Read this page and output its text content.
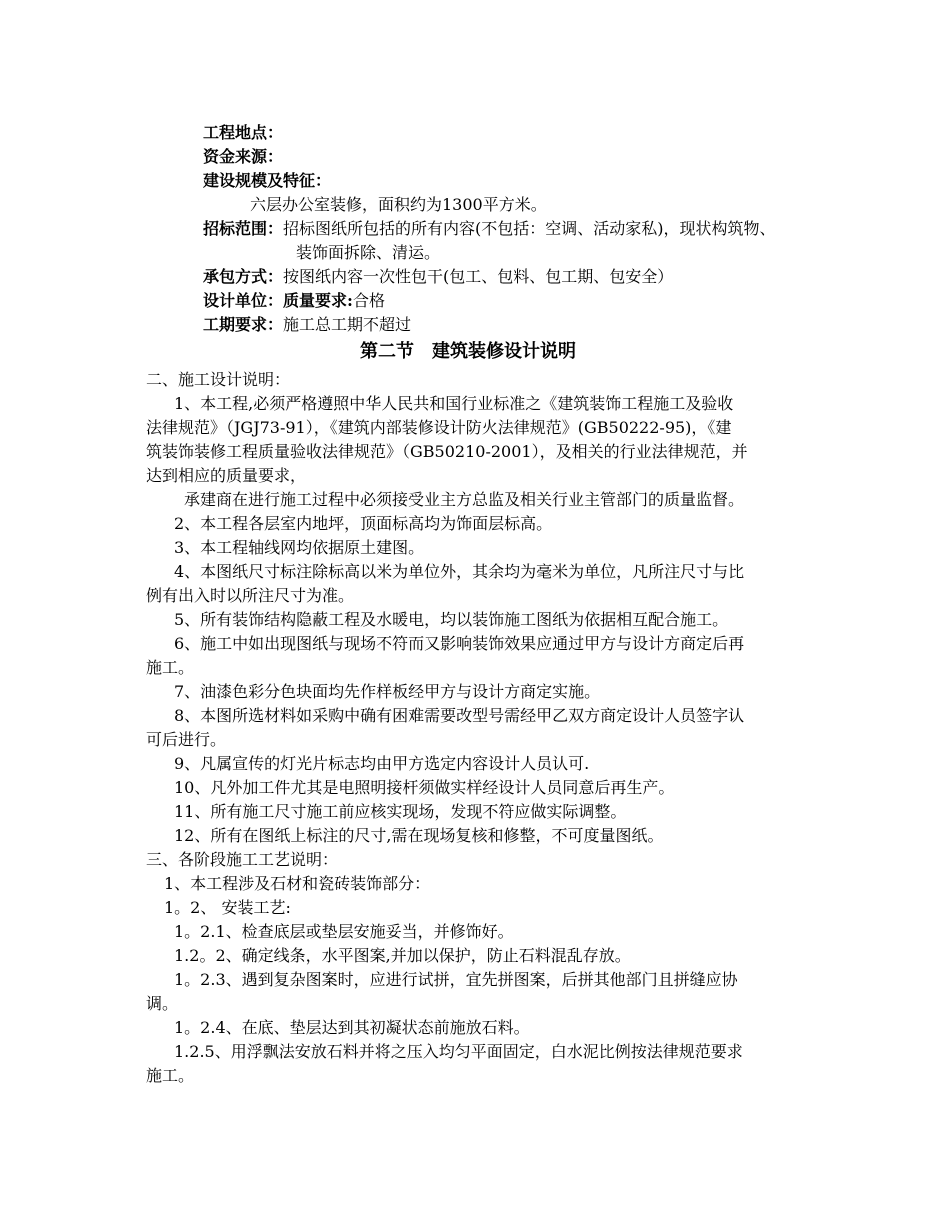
工程地点：
资金来源：
建设规模及特征：
六层办公室装修，面积约为1300平方米。
招标范围：招标图纸所包括的所有内容(不包括：空调、活动家私)，现状构筑物、
装饰面拆除、清运。
承包方式：按图纸内容一次性包干(包工、包料、包工期、包安全）
设计单位：质量要求:合格
工期要求：施工总工期不超过
第二节　建筑装修设计说明
二、施工设计说明：
1、本工程,必须严格遵照中华人民共和国行业标准之《建筑装饰工程施工及验收
法律规范》（JGJ73-91），《建筑内部装修设计防火法律规范》(GB50222-95)，《建
筑装饰装修工程质量验收法律规范》（GB50210-2001），及相关的行业法律规范，并
达到相应的质量要求，
承建商在进行施工过程中必须接受业主方总监及相关行业主管部门的质量监督。
2、本工程各层室内地坪，顶面标高均为饰面层标高。
3、本工程轴线网均依据原土建图。
4、本图纸尺寸标注除标高以米为单位外，其余均为毫米为单位，凡所注尺寸与比
例有出入时以所注尺寸为准。
5、所有装饰结构隐蔽工程及水暖电，均以装饰施工图纸为依据相互配合施工。
6、施工中如出现图纸与现场不符而又影响装饰效果应通过甲方与设计方商定后再
施工。
7、油漆色彩分色块面均先作样板经甲方与设计方商定实施。
8、本图所选材料如采购中确有困难需要改型号需经甲乙双方商定设计人员签字认
可后进行。
9、凡属宣传的灯光片标志均由甲方选定内容设计人员认可.
10、凡外加工件尤其是电照明接杆须做实样经设计人员同意后再生产。
11、所有施工尺寸施工前应核实现场，发现不符应做实际调整。
12、所有在图纸上标注的尺寸,需在现场复核和修整，不可度量图纸。
三、各阶段施工工艺说明：
1、本工程涉及石材和瓷砖装饰部分：
1。2、 安装工艺:
1。2.1、检查底层或垫层安施妥当，并修饰好。
1.2。2、确定线条，水平图案,并加以保护，防止石料混乱存放。
1。2.3、遇到复杂图案时，应进行试拼，宜先拼图案，后拼其他部门且拼缝应协
调。
1。2.4、在底、垫层达到其初凝状态前施放石料。
1.2.5、用浮飘法安放石料并将之压入均匀平面固定，白水泥比例按法律规范要求
施工。
